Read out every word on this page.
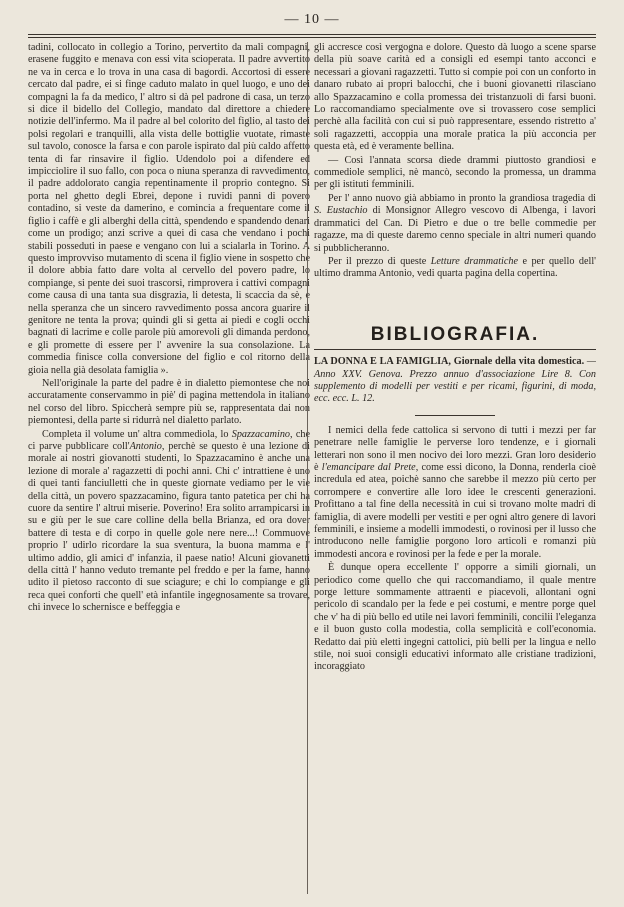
— 10 —

tadini, collocato in collegio a Torino, pervertito da mali compagni, erasene fuggito e menava con essi vita scioperata. Il padre avvertito ne va in cerca e lo trova in una casa di bagordi. Accortosi di essere cercato dal padre, ei si finge caduto malato in quel luogo, e uno dei compagni la fa da medico, l' altro si dà pel padrone di casa, un terzo si dice il bidello del Collegio, mandato dal direttore a chiedere notizie dell'infermo. Ma il padre al bel colorito del figlio, al tasto dei polsi regolari e tranquilli, alla vista delle bottiglie vuotate, rimaste sul tavolo, conosce la farsa e con parole ispirato dal più caldo affetto tenta di far rinsavire il figlio. Udendolo poi a difendere ed impicciolire il suo fallo, con poca o niuna speranza di ravvedimento, il padre addolorato cangia repentinamente il proprio contegno. Si porta nel ghetto degli Ebrei, depone i ruvidi panni di povero contadino, si veste da damerino, e comincia a frequentare come il figlio i caffè e gli alberghi della città, spendendo e spandendo denari come un prodigo; anzi scrive a quei di casa che vendano i pochi stabili posseduti in paese e vengano con lui a scialarla in Torino. A questo improvviso mutamento di scena il figlio viene in sospetto che il dolore abbia fatto dare volta al cervello del povero padre, lo compiange, si pente dei suoi trascorsi, rimprovera i cattivi compagni come causa di una tanta sua disgrazia, li detesta, li scaccia da sè, e nella speranza che un sincero ravvedimento possa ancora guarire il genitore ne tenta la prova; quindi gli si getta ai piedi e cogli occhi bagnati di lacrime e colle parole più amorevoli gli dimanda perdono, e gli promette di essere per l' avvenire la sua consolazione. La commedia finisce colla conversione del figlio e col ritorno della gioia nella già desolata famiglia ».

Nell'originale la parte del padre è in dialetto piemontese che noi accuratamente conservammo in piè' di pagina mettendola in italiano nel corso del libro. Spiccherà sempre più se, rappresentata dai non piemontesi, della parte si ridurrà nel dialetto parlato.

Completa il volume un' altra commediola, lo Spazzacamino, che ci parve pubblicare coll'Antonio, perchè se questo è una lezione di morale ai nostri giovanotti studenti, lo Spazzacamino è anche una lezione di morale a' ragazzetti di pochi anni. Chi c' intrattiene è uno di quei tanti fanciulletti che in queste giornate vediamo per le vie della città, un povero spazzacamino, figura tanto patetica per chi ha cuore da sentire l' altrui miserie. Poverino! Era solito arrampicarsi in su e giù per le sue care colline della bella Brianza, ed ora dover battere di testa e di corpo in quelle gole nere nere...! Commuove proprio l' udirlo ricordare la sua sventura, la buona mamma e l' ultimo addio, gli amici d' infanzia, il paese natio! Alcuni giovanetti della città l' hanno veduto tremante pel freddo e per la fame, hanno udito il pietoso racconto di sue sciagure; e chi lo compiange e gli reca quei conforti che quell' età infantile ingegnosamente sa trovare, chi invece lo schernisce e beffeggia e

gli accresce così vergogna e dolore. Questo dà luogo a scene sparse della più soave carità ed a consigli ed esempi tanto acconci e necessari a giovani ragazzetti. Tutto si compie poi con un conforto in danaro rubato ai propri balocchi, che i buoni giovanetti rilasciano allo Spazzacamino e colla promessa dei tristanzuoli di farsi buoni. Lo raccomandiamo specialmente ove si trovassero cose semplici perchè alla facilità con cui si può rappresentare, essendo ristretto a' soli ragazzetti, accoppia una morale pratica la più acconcia per questa età, ed è veramente bellina.

— Così l'annata scorsa diede drammi piuttosto grandiosi e commediole semplici, nè mancò, secondo la promessa, un dramma per gli istituti femminili.

Per l' anno nuovo già abbiamo in pronto la grandiosa tragedia di S. Eustachio di Monsignor Allegro vescovo di Albenga, i lavori drammatici del Can. Di Pietro e due o tre belle commedie per ragazze, ma di queste daremo cenno speciale in altri numeri quando si pubblicheranno.

Per il prezzo di queste Letture drammatiche e per quello dell' ultimo dramma Antonio, vedi quarta pagina della copertina.

BIBLIOGRAFIA.

LA DONNA E LA FAMIGLIA, Giornale della vita domestica. — Anno XXV. Genova. Prezzo annuo d'associazione Lire 8. Con supplemento di modelli per vestiti e per ricami, figurini, di moda, ecc. ecc. L. 12.

I nemici della fede cattolica si servono di tutti i mezzi per far penetrare nelle famiglie le perverse loro tendenze, e i giornali letterari non sono il men nocivo dei loro mezzi. Gran loro desiderio è l'emancipare dal Prete, come essi dicono, la Donna, renderla cioè incredula ed atea, poichè sanno che sarebbe il mezzo più certo per corrompere e convertire alle loro idee le crescenti generazioni. Profittano a tal fine della necessità in cui si trovano molte madri di famiglia, di avere modelli per vestiti e per ogni altro genere di lavori femminili, e insieme a modelli immodesti, o rovinosi per il lusso che introducono nelle famiglie porgono loro articoli e romanzi più immodesti ancora e rovinosi per la fede e per la morale.

È dunque opera eccellente l' opporre a simili giornali, un periodico come quello che qui raccomandiamo, il quale mentre porge letture sommamente attraenti e piacevoli, allontani ogni pericolo di scandalo per la fede e pei costumi, e mentre porge quel che v' ha di più bello ed utile nei lavori femminili, concilii l'eleganza e il buon gusto colla modestia, colla semplicità e coll'economia. Redatto dai più eletti ingegni cattolici, più belli per la lingua e nello stile, noi suoi consigli educativi informato alle cristiane tradizioni, incoraggiato
